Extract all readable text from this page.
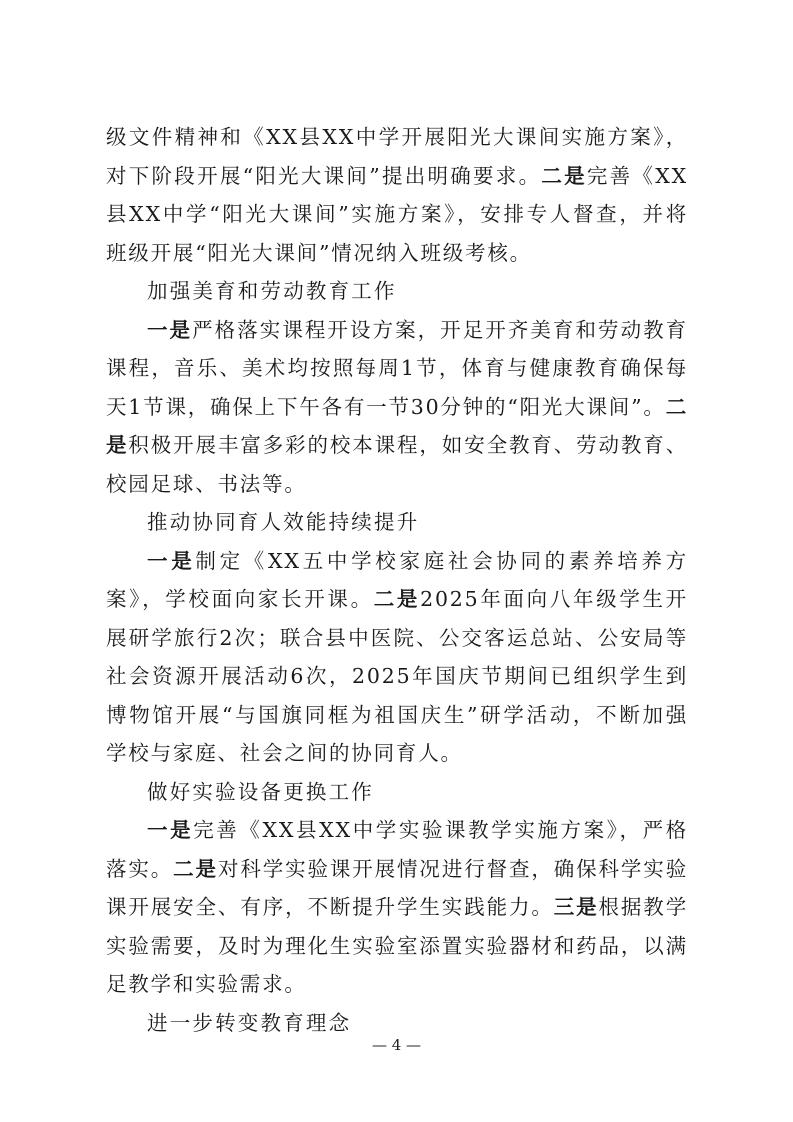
级文件精神和《XX县XX中学开展阳光大课间实施方案》，对下阶段开展“阳光大课间”提出明确要求。二是完善《XX县XX中学“阳光大课间”实施方案》，安排专人督查，并将班级开展“阳光大课间”情况纳入班级考核。

加强美育和劳动教育工作

一是严格落实课程开设方案，开足开齐美育和劳动教育课程，音乐、美术均按照每周1节，体育与健康教育确保每天1节课，确保上下午各有一节30分钟的“阳光大课间”。二是积极开展丰富多彩的校本课程，如安全教育、劳动教育、校园足球、书法等。

推动协同育人效能持续提升

一是制定《XX五中学校家庭社会协同的素养培养方案》，学校面向家长开课。二是2025年面向八年级学生开展研学旅行2次；联合县中医院、公交客运总站、公安局等社会资源开展活动6次，2025年国庆节期间已组织学生到博物馆开展“与国旗同框为祖国庆生”研学活动，不断加强学校与家庭、社会之间的协同育人。

做好实验设备更换工作

一是完善《XX县XX中学实验课教学实施方案》，严格落实。二是对科学实验课开展情况进行督查，确保科学实验课开展安全、有序，不断提升学生实践能力。三是根据教学实验需要，及时为理化生实验室添置实验器材和药品，以满足教学和实验需求。

进一步转变教育理念

— 4 —
